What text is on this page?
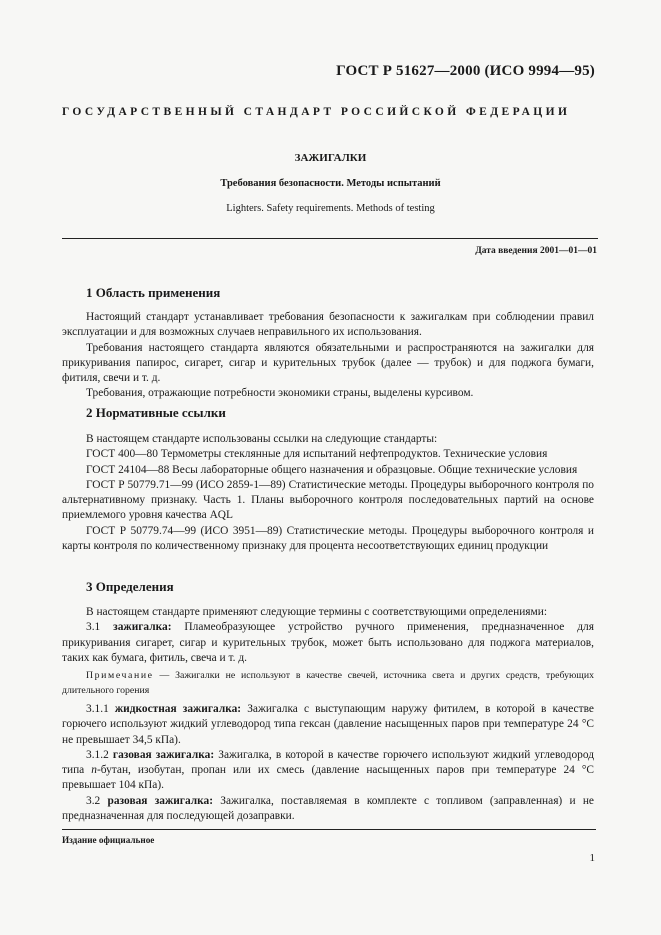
ГОСТ Р 51627—2000 (ИСО 9994—95)
ГОСУДАРСТВЕННЫЙ СТАНДАРТ РОССИЙСКОЙ ФЕДЕРАЦИИ
ЗАЖИГАЛКИ
Требования безопасности. Методы испытаний
Lighters. Safety requirements. Methods of testing
Дата введения 2001—01—01
1 Область применения

Настоящий стандарт устанавливает требования безопасности к зажигалкам при соблюдении правил эксплуатации и для возможных случаев неправильного их использования.

Требования настоящего стандарта являются обязательными и распространяются на зажигалки для прикуривания папирос, сигарет, сигар и курительных трубок (далее — трубок) и для поджога бумаги, фитиля, свечи и т. д.

Требования, отражающие потребности экономики страны, выделены курсивом.

2 Нормативные ссылки

В настоящем стандарте использованы ссылки на следующие стандарты:

ГОСТ 400—80 Термометры стеклянные для испытаний нефтепродуктов. Технические условия

ГОСТ 24104—88 Весы лабораторные общего назначения и образцовые. Общие технические условия

ГОСТ Р 50779.71—99 (ИСО 2859-1—89) Статистические методы. Процедуры выборочного контроля по альтернативному признаку. Часть 1. Планы выборочного контроля последовательных партий на основе приемлемого уровня качества AQL

ГОСТ Р 50779.74—99 (ИСО 3951—89) Статистические методы. Процедуры выборочного контроля и карты контроля по количественному признаку для процента несоответствующих единиц продукции

3 Определения

В настоящем стандарте применяют следующие термины с соответствующими определениями:

3.1 зажигалка: Пламеобразующее устройство ручного применения, предназначенное для прикуривания сигарет, сигар и курительных трубок, может быть использовано для поджога материалов, таких как бумага, фитиль, свеча и т. д.

Примечание — Зажигалки не используют в качестве свечей, источника света и других средств, требующих длительного горения

3.1.1 жидкостная зажигалка: Зажигалка с выступающим наружу фитилем, в которой в качестве горючего используют жидкий углеводород типа гексан (давление насыщенных паров при температуре 24 °С не превышает 34,5 кПа).

3.1.2 газовая зажигалка: Зажигалка, в которой в качестве горючего используют жидкий углеводород типа n-бутан, изобутан, пропан или их смесь (давление насыщенных паров при температуре 24 °С превышает 104 кПа).

3.2 разовая зажигалка: Зажигалка, поставляемая в комплекте с топливом (заправленная) и не предназначенная для последующей дозаправки.

Издание официальное
1
